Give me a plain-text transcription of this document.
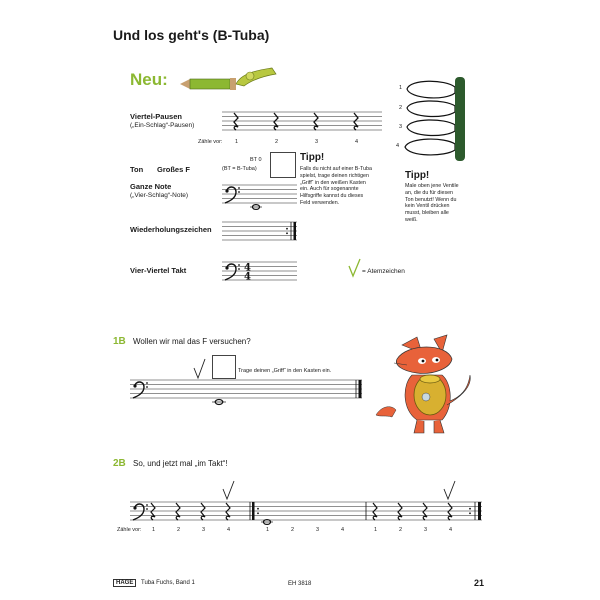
Und los geht's (B-Tuba)
Neu:	1
2
3
4
Viertel-Pausen
(„Ein-Schlag“-Pausen)
Zähle vor: 1	2	3	4
Ton Großes F
BT 0
(BT = B-Tuba)
Ganze Note
(„Vier-Schlag“-Note)
Tipp!
Falls du nicht auf einer B-Tuba
spielst, trage deinen richtigen
„Griff“ in den weißen Kasten
ein. Auch für sogenannte
Hilfsgriffe kannst du dieses
Feld verwenden.
Tipp!
Male oben jene Ventile
an, die du für diesen
Ton benutzt! Wenn du
kein Ventil drücken
musst, bleiben alle
weiß.
Wiederholungszeichen
Vier-Viertel Takt	4
4	= Atemzeichen
1B Wollen wir mal das F versuchen?
Trage deinen „Griff“ in den Kasten ein.
2B So, und jetzt mal „im Takt“!
Zähle vor: 1	2	3	4	1	2	3	4	1	2	3	4
HAGE Tuba Fuchs, Band 1	EH 3818	21
